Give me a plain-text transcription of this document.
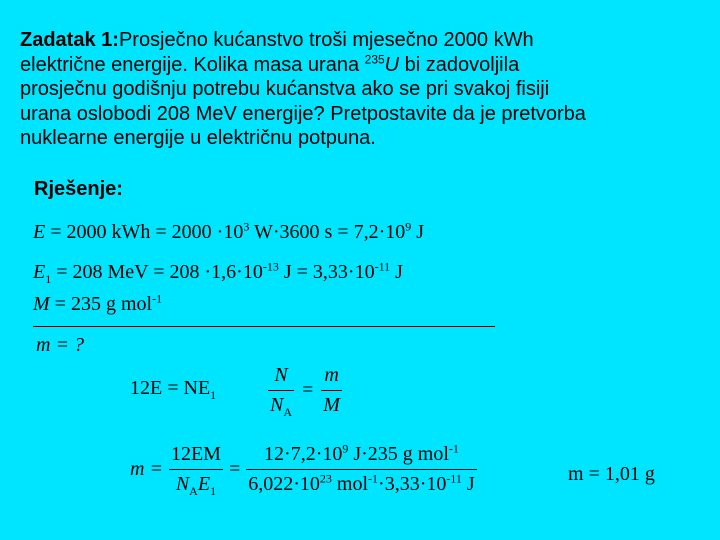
Zadatak 1:Prosječno kućanstvo troši mjesečno 2000 kWh
električne energije. Kolika masa urana $^{235}$U bi zadovoljila
prosječnu godišnju potrebu kućanstva ako se pri svakoj fisiji
urana oslobodi 208 MeV energije? Pretpostavite da je pretvorba
nuklearne energije u električnu potpuna.
Rješenje:
E = 2000 kWh = $2000 \cdot 10^3$ W·3600 $s = 7,2\cdot 10^9$ J
$E_1 = 208$ MeV = $208 \cdot 1,6\cdot 10^{-13}$ $J = 3,33\cdot 10^{-11}$ J
M = 235 g mol$^{-1}$
m = ?
$12E = NE_1$	$\frac{N}{N_A} = \frac{m}{M}$
$m = \frac{12EM}{N_AE_1} = \frac{12\cdot 7,2\cdot 10^9 J\cdot 235 g mol^{-1}}{6,022\cdot 10^{23} mol^{-1}\cdot 3,33\cdot 10^{-11} J}$	m = 1,01 g
